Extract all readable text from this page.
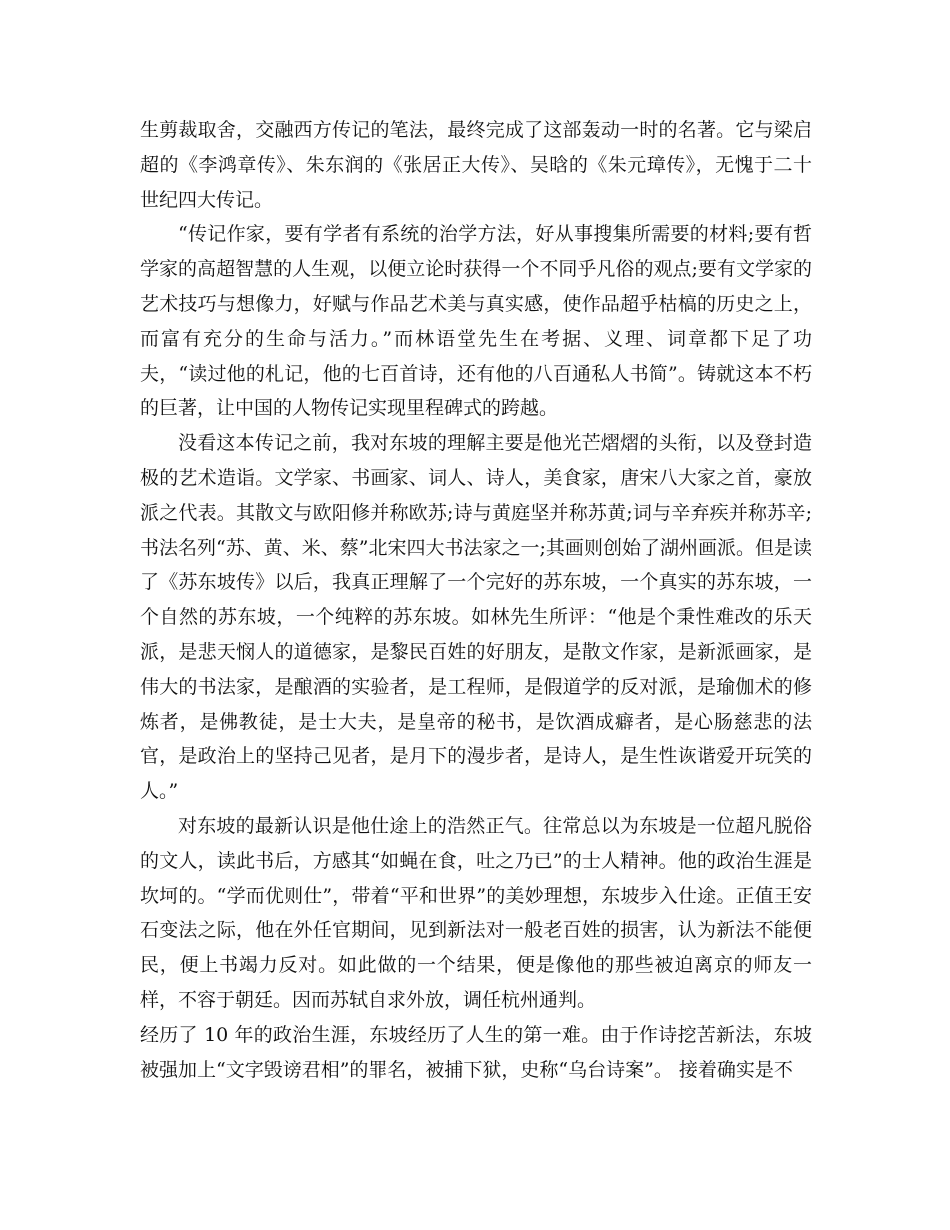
生剪裁取舍，交融西方传记的笔法，最终完成了这部轰动一时的名著。它与梁启超的《李鸿章传》、朱东润的《张居正大传》、吴晗的《朱元璋传》，无愧于二十世纪四大传记。

“传记作家，要有学者有系统的治学方法，好从事搜集所需要的材料;要有哲学家的高超智慧的人生观，以便立论时获得一个不同乎凡俗的观点;要有文学家的艺术技巧与想像力，好赋与作品艺术美与真实感，使作品超乎枯槁的历史之上，而富有充分的生命与活力。”而林语堂先生在考据、义理、词章都下足了功夫，“读过他的札记，他的七百首诗，还有他的八百通私人书简”。铸就这本不朽的巨著，让中国的人物传记实现里程碑式的跨越。

没看这本传记之前，我对东坡的理解主要是他光芒熠熠的头衔，以及登封造极的艺术造诣。文学家、书画家、词人、诗人，美食家，唐宋八大家之首，豪放派之代表。其散文与欧阳修并称欧苏;诗与黄庭坚并称苏黄;词与辛弃疾并称苏辛;书法名列“苏、黄、米、蔡”北宋四大书法家之一;其画则创始了湖州画派。但是读了《苏东坡传》以后，我真正理解了一个完好的苏东坡，一个真实的苏东坡，一个自然的苏东坡，一个纯粹的苏东坡。如林先生所评：“他是个秉性难改的乐天派，是悲天悯人的道德家，是黎民百姓的好朋友，是散文作家，是新派画家，是伟大的书法家，是酿酒的实验者，是工程师，是假道学的反对派，是瑜伽术的修炼者，是佛教徒，是士大夫，是皇帝的秘书，是饮酒成癖者，是心肠慈悲的法官，是政治上的坚持己见者，是月下的漫步者，是诗人，是生性诙谐爱开玩笑的人。”

对东坡的最新认识是他仕途上的浩然正气。往常总以为东坡是一位超凡脱俗的文人，读此书后，方感其“如蝇在食，吐之乃已”的士人精神。他的政治生涯是坎坷的。“学而优则仕”，带着“平和世界”的美妙理想，东坡步入仕途。正值王安石变法之际，他在外任官期间，见到新法对一般老百姓的损害，认为新法不能便民，便上书竭力反对。如此做的一个结果，便是像他的那些被迫离京的师友一样，不容于朝廷。因而苏轼自求外放，调任杭州通判。

经历了 10 年的政治生涯，东坡经历了人生的第一难。由于作诗挖苦新法，东坡被强加上“文字毁谤君相”的罪名，被捕下狱，史称“乌台诗案”。 接着确实是不
